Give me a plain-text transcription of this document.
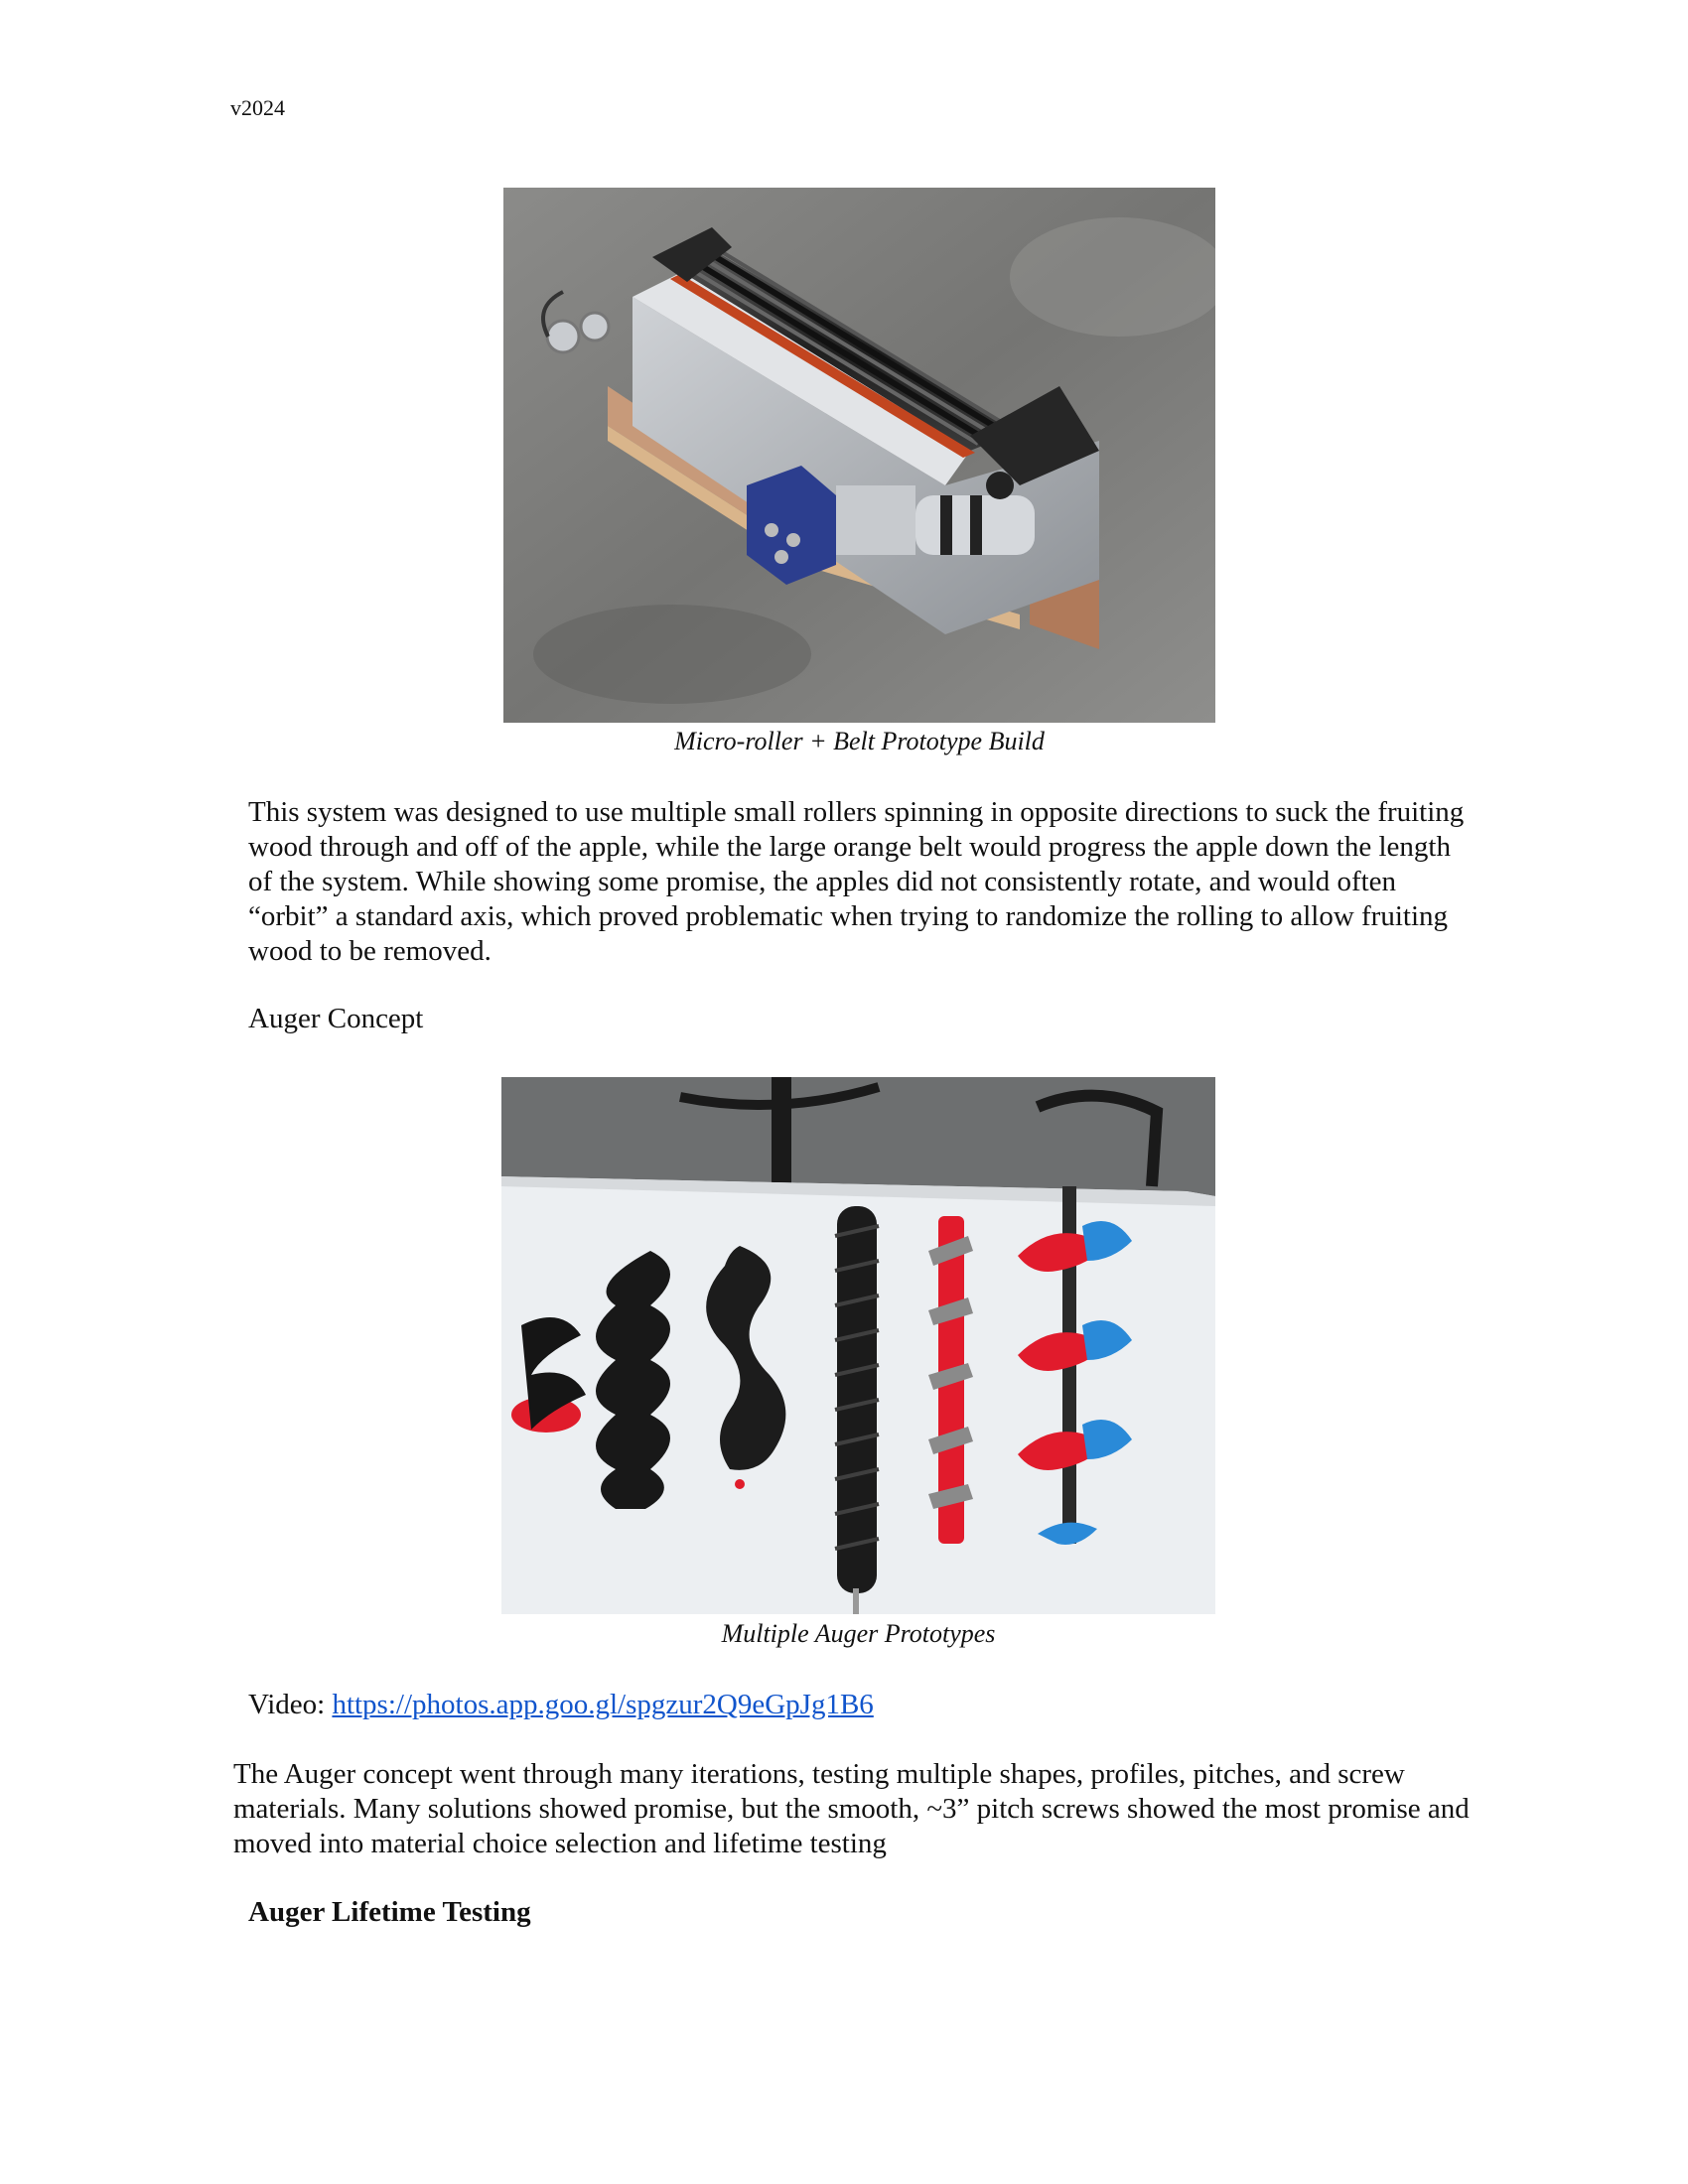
v2024
Micro-roller + Belt Prototype Build
This system was designed to use multiple small rollers spinning in opposite directions to suck the fruiting wood through and off of the apple, while the large orange belt would progress the apple down the length of the system. While showing some promise, the apples did not consistently rotate, and would often “orbit” a standard axis, which proved problematic when trying to randomize the rolling to allow fruiting wood to be removed.
Auger Concept
Multiple Auger Prototypes
Video: https://photos.app.goo.gl/spgzur2Q9eGpJg1B6
The Auger concept went through many iterations, testing multiple shapes, profiles, pitches, and screw materials. Many solutions showed promise, but the smooth, ~3” pitch screws showed the most promise and moved into material choice selection and lifetime testing
Auger Lifetime Testing
